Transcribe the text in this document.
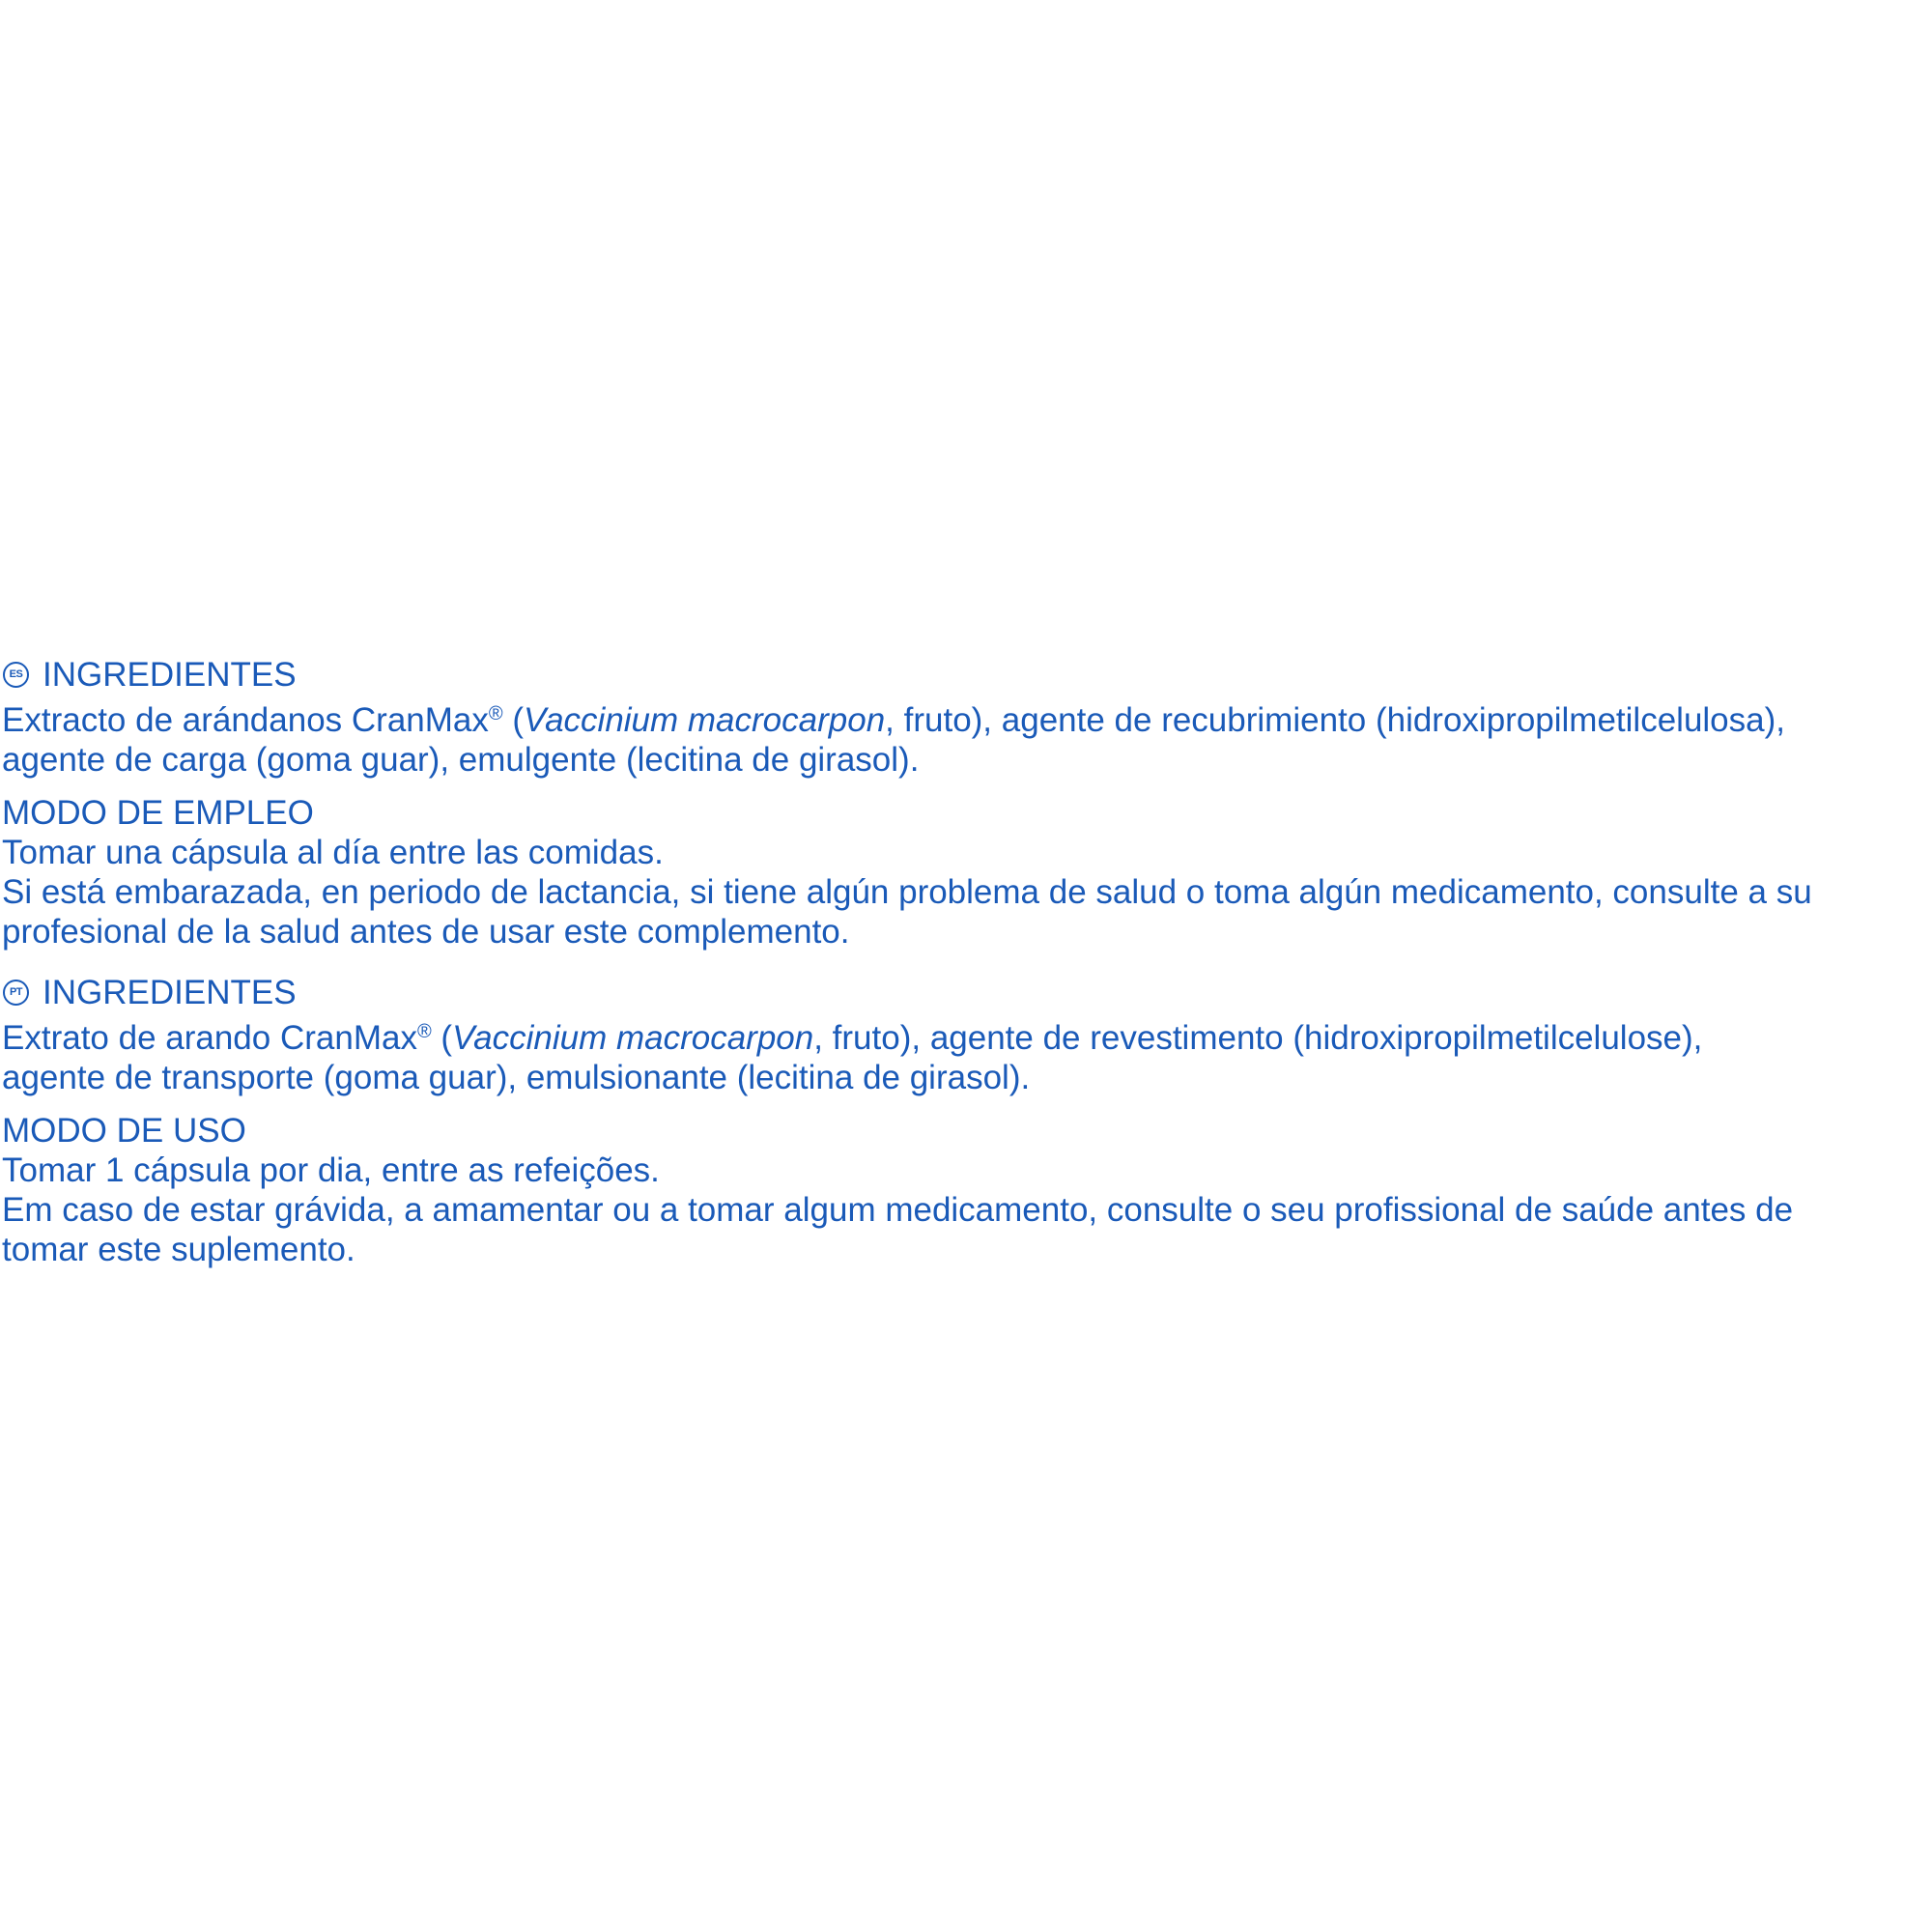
ES INGREDIENTES
Extracto de arándanos CranMax® (Vaccinium macrocarpon, fruto), agente de recubrimiento (hidroxipropilmetilcelulosa),
agente de carga (goma guar), emulgente (lecitina de girasol).
MODO DE EMPLEO
Tomar una cápsula al día entre las comidas.
Si está embarazada, en periodo de lactancia, si tiene algún problema de salud o toma algún medicamento, consulte a su
profesional de la salud antes de usar este complemento.
PT INGREDIENTES
Extrato de arando CranMax® (Vaccinium macrocarpon, fruto), agente de revestimento (hidroxipropilmetilcelulose),
agente de transporte (goma guar), emulsionante (lecitina de girasol).
MODO DE USO
Tomar 1 cápsula por dia, entre as refeições.
Em caso de estar grávida, a amamentar ou a tomar algum medicamento, consulte o seu profissional de saúde antes de
tomar este suplemento.
